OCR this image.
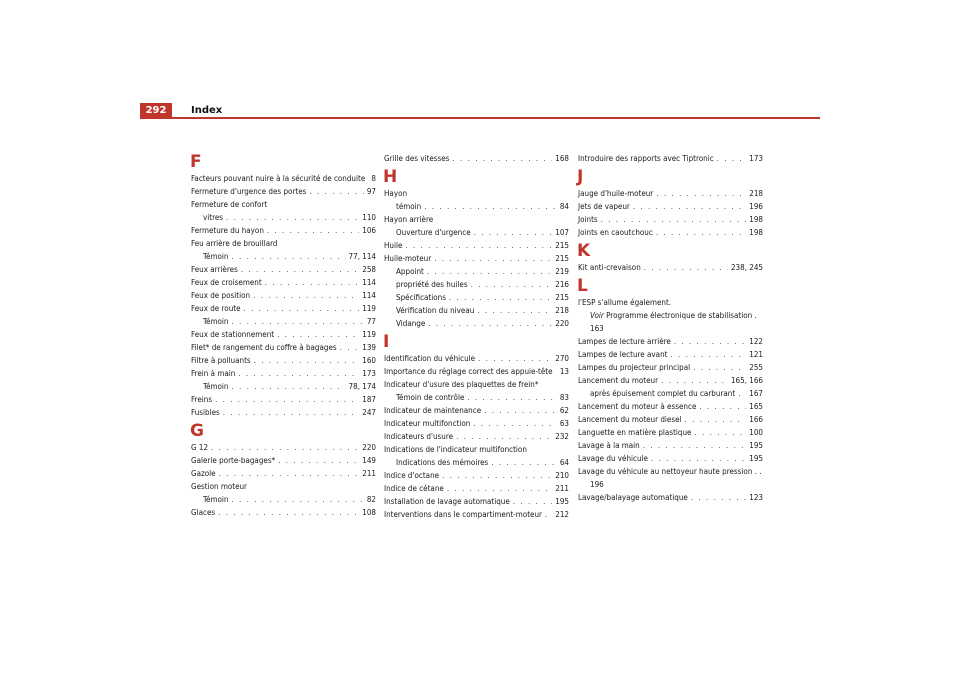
292	Index
F
Facteurs pouvant nuire à la sécurité de conduite 8
Fermeture d'urgence des portes . . .	97
Fermeture de confort
vitres . . .	110
Fermeture du hayon . . .	106
Feu arrière de brouillard
Témoin . . .	77, 114
Feux arrières . . .	258
Feux de croisement . . .	114
Feux de position . . .	114
Feux de route . . .	119
Témoin . . .	77
Feux de stationnement . . .	119
Filet* de rangement du coffre à bagages . . .	139
Filtre à polluants . . .	160
Frein à main . . .	173
Témoin . . .	78, 174
Freins . . .	187
Fusibles . . .	247
G
G 12 . . .	220
Galerie porte-bagages* . . .	149
Gazole . . .	211
Gestion moteur
Témoin . . .	82
Glaces . . .	108
Grille des vitesses . . .	168
H
Hayon
témoin . . .	84
Hayon arrière
Ouverture d'urgence . . .	107
Huile . . .	215
Huile-moteur . . .	215
Appoint . . .	219
propriété des huiles . . .	216
Spécifications . . .	215
Vérification du niveau . . .	218
Vidange . . .	220
I
Identification du véhicule . . .	270
Importance du réglage correct des appuie-tête 13
Indicateur d'usure des plaquettes de frein*
Témoin de contrôle . . .	83
Indicateur de maintenance . . .	62
Indicateur multifonction . . .	63
Indicateurs d'usure . . .	232
Indications de l'indicateur multifonction
Indications des mémoires . . .	64
Indice d'octane . . .	210
Indice de cétane . . .	211
Installation de lavage automatique . . .	195
Interventions dans le compartiment-moteur . . . 212
Introduire des rapports avec Tiptronic . . .	173
J
Jauge d'huile-moteur . . .	218
Jets de vapeur . . .	196
Joints . . .	198
Joints en caoutchouc . . .	198
K
Kit anti-crevaison . . .	238, 245
L
l'ESP s'allume également.
Voir Programme électronique de stabilisation .
163
Lampes de lecture arrière . . .	122
Lampes de lecture avant . . .	121
Lampes du projecteur principal . . .	255
Lancement du moteur . . .	165, 166
après épuisement complet du carburant . . . 167
Lancement du moteur à essence . . .	165
Lancement du moteur diesel . . .	166
Languette en matière plastique . . .	100
Lavage à la main . . .	195
Lavage du véhicule . . .	195
Lavage du véhicule au nettoyeur haute pression . .
196
Lavage/balayage automatique . . .	123
